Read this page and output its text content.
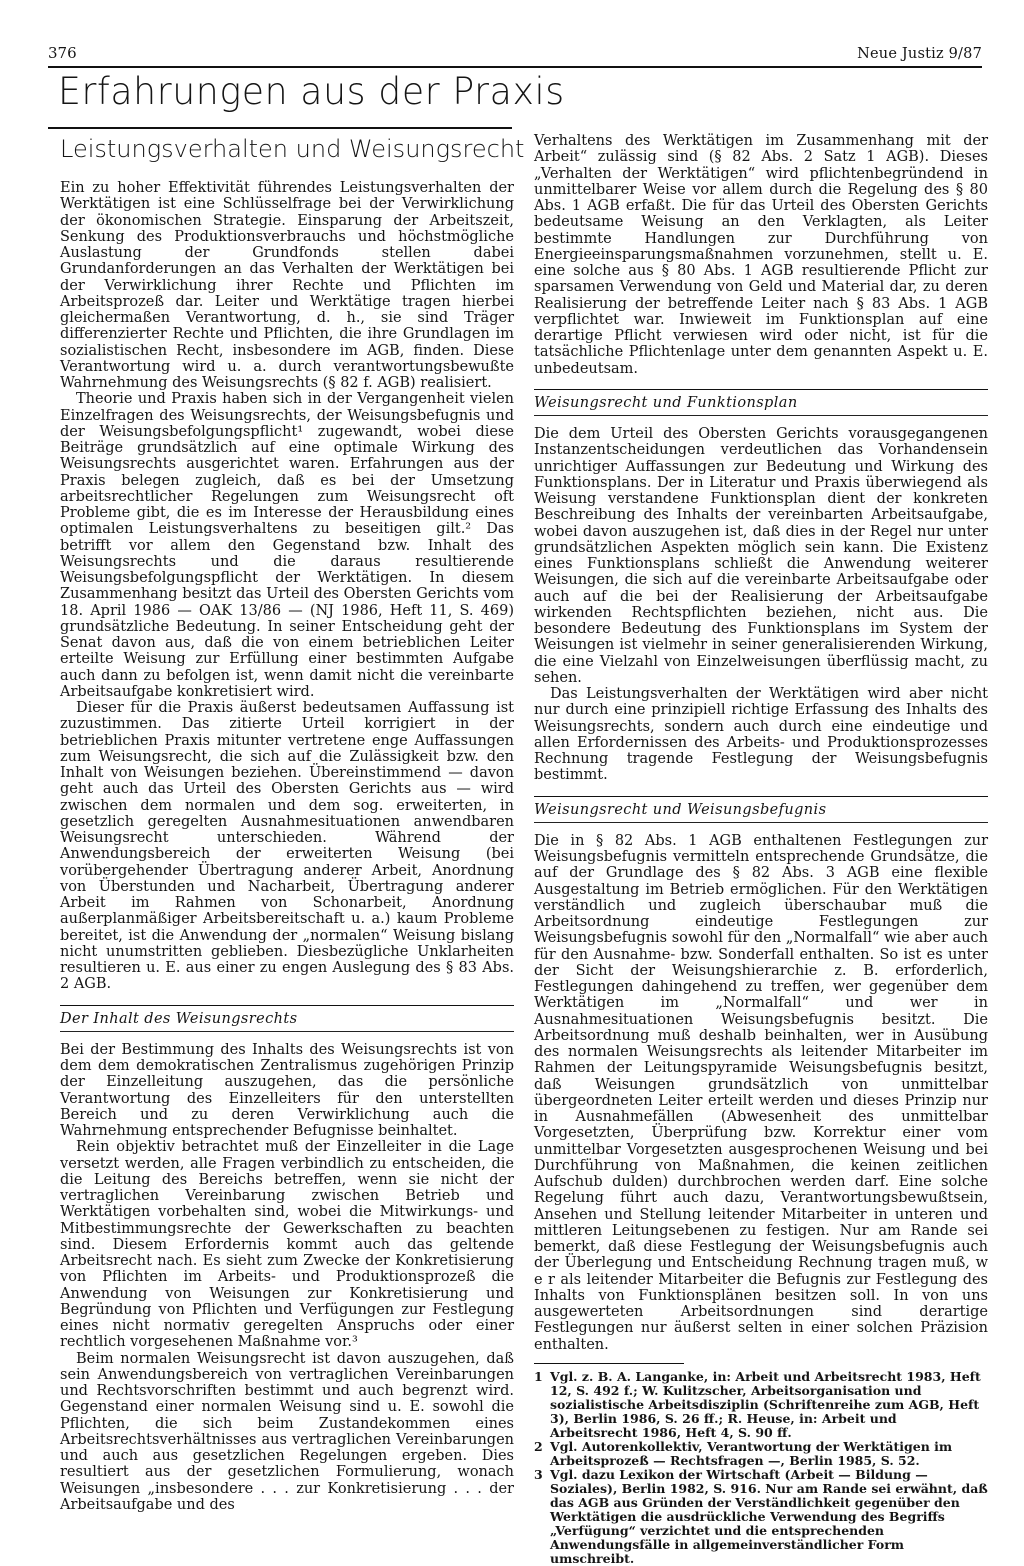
376	Neue Justiz 9/87
Erfahrungen aus der Praxis
Leistungsverhalten und Weisungsrecht

Ein zu hoher Effektivität führendes Leistungsverhalten der Werktätigen ist eine Schlüsselfrage bei der Verwirklichung der ökonomischen Strategie. Einsparung der Arbeitszeit, Senkung des Produktionsverbrauchs und höchstmögliche Auslastung der Grundfonds stellen dabei Grundanforderungen an das Verhalten der Werktätigen bei der Verwirklichung ihrer Rechte und Pflichten im Arbeitsprozeß dar. Leiter und Werktätige tragen hierbei gleichermaßen Verantwortung, d. h., sie sind Träger differenzierter Rechte und Pflichten, die ihre Grundlagen im sozialistischen Recht, insbesondere im AGB, finden. Diese Verantwortung wird u. a. durch verantwortungsbewußte Wahrnehmung des Weisungsrechts (§ 82 f. AGB) realisiert.

Theorie und Praxis haben sich in der Vergangenheit vielen Einzelfragen des Weisungsrechts, der Weisungsbefugnis und der Weisungsbefolgungspflicht¹ zugewandt, wobei diese Beiträge grundsätzlich auf eine optimale Wirkung des Weisungsrechts ausgerichtet waren. Erfahrungen aus der Praxis belegen zugleich, daß es bei der Umsetzung arbeitsrechtlicher Regelungen zum Weisungsrecht oft Probleme gibt, die es im Interesse der Herausbildung eines optimalen Leistungsverhaltens zu beseitigen gilt.² Das betrifft vor allem den Gegenstand bzw. Inhalt des Weisungsrechts und die daraus resultierende Weisungsbefolgungspflicht der Werktätigen. In diesem Zusammenhang besitzt das Urteil des Obersten Gerichts vom 18. April 1986 — OAK 13/86 — (NJ 1986, Heft 11, S. 469) grundsätzliche Bedeutung. In seiner Entscheidung geht der Senat davon aus, daß die von einem betrieblichen Leiter erteilte Weisung zur Erfüllung einer bestimmten Aufgabe auch dann zu befolgen ist, wenn damit nicht die vereinbarte Arbeitsaufgabe konkretisiert wird.

Dieser für die Praxis äußerst bedeutsamen Auffassung ist zuzustimmen. Das zitierte Urteil korrigiert in der betrieblichen Praxis mitunter vertretene enge Auffassungen zum Weisungsrecht, die sich auf die Zulässigkeit bzw. den Inhalt von Weisungen beziehen. Übereinstimmend — davon geht auch das Urteil des Obersten Gerichts aus — wird zwischen dem normalen und dem sog. erweiterten, in gesetzlich geregelten Ausnahmesituationen anwendbaren Weisungsrecht unterschieden. Während der Anwendungsbereich der erweiterten Weisung (bei vorübergehender Übertragung anderer Arbeit, Anordnung von Überstunden und Nacharbeit, Übertragung anderer Arbeit im Rahmen von Schonarbeit, Anordnung außerplanmäßiger Arbeitsbereitschaft u. a.) kaum Probleme bereitet, ist die Anwendung der „normalen“ Weisung bislang nicht unumstritten geblieben. Diesbezügliche Unklarheiten resultieren u. E. aus einer zu engen Auslegung des § 83 Abs. 2 AGB.

Der Inhalt des Weisungsrechts

Bei der Bestimmung des Inhalts des Weisungsrechts ist von dem dem demokratischen Zentralismus zugehörigen Prinzip der Einzelleitung auszugehen, das die persönliche Verantwortung des Einzelleiters für den unterstellten Bereich und zu deren Verwirklichung auch die Wahrnehmung entsprechender Befugnisse beinhaltet.

Rein objektiv betrachtet muß der Einzelleiter in die Lage versetzt werden, alle Fragen verbindlich zu entscheiden, die die Leitung des Bereichs betreffen, wenn sie nicht der vertraglichen Vereinbarung zwischen Betrieb und Werktätigen vorbehalten sind, wobei die Mitwirkungs- und Mitbestimmungsrechte der Gewerkschaften zu beachten sind. Diesem Erfordernis kommt auch das geltende Arbeitsrecht nach. Es sieht zum Zwecke der Konkretisierung von Pflichten im Arbeits- und Produktionsprozeß die Anwendung von Weisungen zur Konkretisierung und Begründung von Pflichten und Verfügungen zur Festlegung eines nicht normativ geregelten Anspruchs oder einer rechtlich vorgesehenen Maßnahme vor.³

Beim normalen Weisungsrecht ist davon auszugehen, daß sein Anwendungsbereich von vertraglichen Vereinbarungen und Rechtsvorschriften bestimmt und auch begrenzt wird. Gegenstand einer normalen Weisung sind u. E. sowohl die Pflichten, die sich beim Zustandekommen eines Arbeitsrechtsverhältnisses aus vertraglichen Vereinbarungen und auch aus gesetzlichen Regelungen ergeben. Dies resultiert aus der gesetzlichen Formulierung, wonach Weisungen „insbesondere . . . zur Konkretisierung . . . der Arbeitsaufgabe und des

Verhaltens des Werktätigen im Zusammenhang mit der Arbeit“ zulässig sind (§ 82 Abs. 2 Satz 1 AGB). Dieses „Verhalten der Werktätigen“ wird pflichtenbegründend in unmittelbarer Weise vor allem durch die Regelung des § 80 Abs. 1 AGB erfaßt. Die für das Urteil des Obersten Gerichts bedeutsame Weisung an den Verklagten, als Leiter bestimmte Handlungen zur Durchführung von Energieeinsparungsmaßnahmen vorzunehmen, stellt u. E. eine solche aus § 80 Abs. 1 AGB resultierende Pflicht zur sparsamen Verwendung von Geld und Material dar, zu deren Realisierung der betreffende Leiter nach § 83 Abs. 1 AGB verpflichtet war. Inwieweit im Funktionsplan auf eine derartige Pflicht verwiesen wird oder nicht, ist für die tatsächliche Pflichtenlage unter dem genannten Aspekt u. E. unbedeutsam.

Weisungsrecht und Funktionsplan

Die dem Urteil des Obersten Gerichts vorausgegangenen Instanzentscheidungen verdeutlichen das Vorhandensein unrichtiger Auffassungen zur Bedeutung und Wirkung des Funktionsplans. Der in Literatur und Praxis überwiegend als Weisung verstandene Funktionsplan dient der konkreten Beschreibung des Inhalts der vereinbarten Arbeitsaufgabe, wobei davon auszugehen ist, daß dies in der Regel nur unter grundsätzlichen Aspekten möglich sein kann. Die Existenz eines Funktionsplans schließt die Anwendung weiterer Weisungen, die sich auf die vereinbarte Arbeitsaufgabe oder auch auf die bei der Realisierung der Arbeitsaufgabe wirkenden Rechtspflichten beziehen, nicht aus. Die besondere Bedeutung des Funktionsplans im System der Weisungen ist vielmehr in seiner generalisierenden Wirkung, die eine Vielzahl von Einzelweisungen überflüssig macht, zu sehen.

Das Leistungsverhalten der Werktätigen wird aber nicht nur durch eine prinzipiell richtige Erfassung des Inhalts des Weisungsrechts, sondern auch durch eine eindeutige und allen Erfordernissen des Arbeits- und Produktionsprozesses Rechnung tragende Festlegung der Weisungsbefugnis bestimmt.

Weisungsrecht und Weisungsbefugnis

Die in § 82 Abs. 1 AGB enthaltenen Festlegungen zur Weisungsbefugnis vermitteln entsprechende Grundsätze, die auf der Grundlage des § 82 Abs. 3 AGB eine flexible Ausgestaltung im Betrieb ermöglichen. Für den Werktätigen verständlich und zugleich überschaubar muß die Arbeitsordnung eindeutige Festlegungen zur Weisungsbefugnis sowohl für den „Normalfall“ wie aber auch für den Ausnahme- bzw. Sonderfall enthalten. So ist es unter der Sicht der Weisungshierarchie z. B. erforderlich, Festlegungen dahingehend zu treffen, wer gegenüber dem Werktätigen im „Normalfall“ und wer in Ausnahmesituationen Weisungsbefugnis besitzt. Die Arbeitsordnung muß deshalb beinhalten, wer in Ausübung des normalen Weisungsrechts als leitender Mitarbeiter im Rahmen der Leitungspyramide Weisungsbefugnis besitzt, daß Weisungen grundsätzlich von unmittelbar übergeordneten Leiter erteilt werden und dieses Prinzip nur in Ausnahmefällen (Abwesenheit des unmittelbar Vorgesetzten, Überprüfung bzw. Korrektur einer vom unmittelbar Vorgesetzten ausgesprochenen Weisung und bei Durchführung von Maßnahmen, die keinen zeitlichen Aufschub dulden) durchbrochen werden darf. Eine solche Regelung führt auch dazu, Verantwortungsbewußtsein, Ansehen und Stellung leitender Mitarbeiter in unteren und mittleren Leitungsebenen zu festigen. Nur am Rande sei bemerkt, daß diese Festlegung der Weisungsbefugnis auch der Überlegung und Entscheidung Rechnung tragen muß, w e r als leitender Mitarbeiter die Befugnis zur Festlegung des Inhalts von Funktionsplänen besitzen soll. In von uns ausgewerteten Arbeitsordnungen sind derartige Festlegungen nur äußerst selten in einer solchen Präzision enthalten.

1 Vgl. z. B. A. Langanke, in: Arbeit und Arbeitsrecht 1983, Heft 12, S. 492 f.; W. Kulitzscher, Arbeitsorganisation und sozialistische Arbeitsdisziplin (Schriftenreihe zum AGB, Heft 3), Berlin 1986, S. 26 ff.; R. Heuse, in: Arbeit und Arbeitsrecht 1986, Heft 4, S. 90 ff.
2 Vgl. Autorenkollektiv, Verantwortung der Werktätigen im Arbeitsprozeß — Rechtsfragen —, Berlin 1985, S. 52.
3 Vgl. dazu Lexikon der Wirtschaft (Arbeit — Bildung — Soziales), Berlin 1982, S. 916. Nur am Rande sei erwähnt, daß das AGB aus Gründen der Verständlichkeit gegenüber den Werktätigen die ausdrückliche Verwendung des Begriffs „Verfügung“ verzichtet und die entsprechenden Anwendungsfälle in allgemeinverständlicher Form umschreibt.
